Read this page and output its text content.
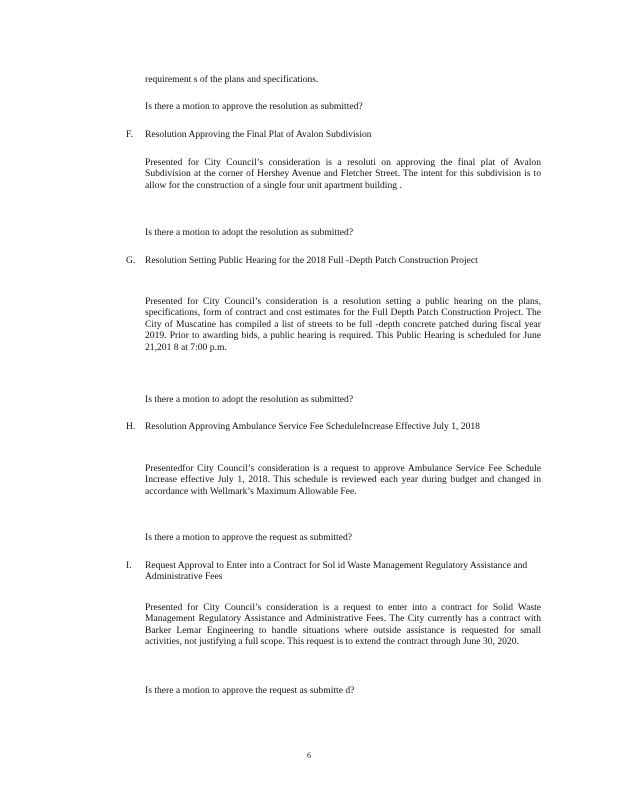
requirement s of the plans and specifications.

Is there a motion to approve the resolution as submitted?

F. Resolution Approving the Final Plat of Avalon Subdivision

Presented for City Council’s consideration is a resoluti on approving the final plat of Avalon Subdivision at the corner of Hershey Avenue and Fletcher Street. The intent for this subdivision is to allow for the construction of a single four unit apartment building .

Is there a motion to adopt the resolution as submitted?

G. Resolution Setting Public Hearing for the 2018 Full -Depth Patch Construction Project

Presented for City Council’s consideration is a resolution setting a public hearing on the plans, specifications, form of contract and cost estimates for the Full Depth Patch Construction Project. The City of Muscatine has compiled a list of streets to be full -depth concrete patched during fiscal year 2019. Prior to awarding bids, a public hearing is required. This Public Hearing is scheduled for June 21,201 8 at 7:00 p.m.

Is there a motion to adopt the resolution as submitted?

H. Resolution Approving Ambulance Service Fee ScheduleIncrease Effective July 1, 2018

Presentedfor City Council’s consideration is a request to approve Ambulance Service Fee Schedule Increase effective July 1, 2018. This schedule is reviewed each year during budget and changed in accordance with Wellmark’s Maximum Allowable Fee.

Is there a motion to approve the request as submitted?

I. Request Approval to Enter into a Contract for Sol id Waste Management Regulatory Assistance and Administrative Fees

Presented for City Council’s consideration is a request to enter into a contract for Solid Waste Management Regulatory Assistance and Administrative Fees. The City currently has a contract with Barker Lemar Engineering to handle situations where outside assistance is requested for small activities, not justifying a full scope. This request is to extend the contract through June 30, 2020.

Is there a motion to approve the request as submitte d?

6
